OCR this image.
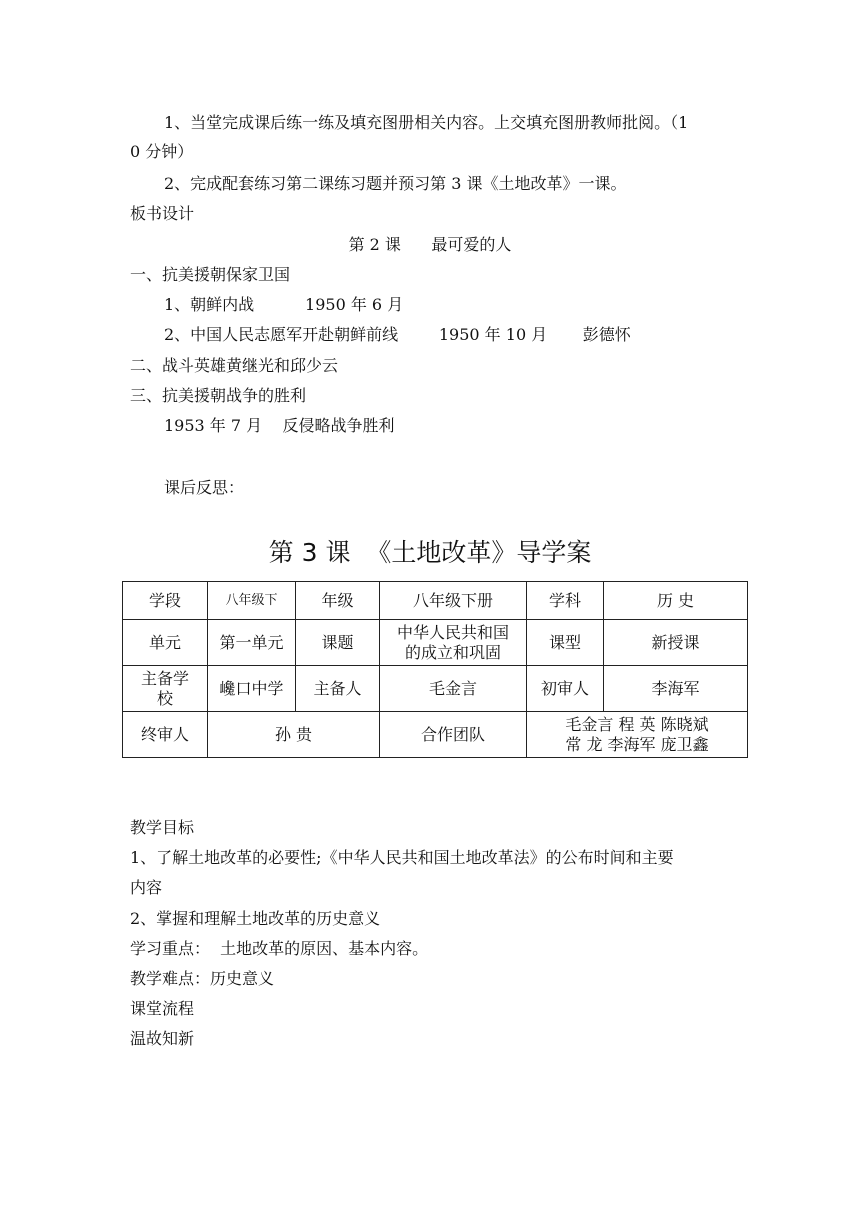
1、当堂完成课后练一练及填充图册相关内容。上交填充图册教师批阅。（1
0 分钟）
2、完成配套练习第二课练习题并预习第 3 课《土地改革》一课。
板书设计
第 2 课      最可爱的人
一、抗美援朝保家卫国
1、朝鲜内战          1950 年 6 月
2、中国人民志愿军开赴朝鲜前线        1950 年 10 月       彭德怀
二、战斗英雄黄继光和邱少云
三、抗美援朝战争的胜利
1953 年 7 月    反侵略战争胜利
课后反思：
第 3 课  《土地改革》导学案
学段	八年级下	年级	八年级下册	学科	历 史
单元	第一单元	课题	中华人民共和国
的成立和巩固	课型	新授课

主备学
校	巉口中学	主备人	毛金言	初审人	李海军
终审人	孙 贵		合作团队	毛金言 程 英 陈晓斌
常 龙 李海军 庞卫鑫	
教学目标
1、了解土地改革的必要性;《中华人民共和国土地改革法》的公布时间和主要
内容
2、掌握和理解土地改革的历史意义
学习重点：  土地改革的原因、基本内容。
教学难点：历史意义
课堂流程
温故知新
